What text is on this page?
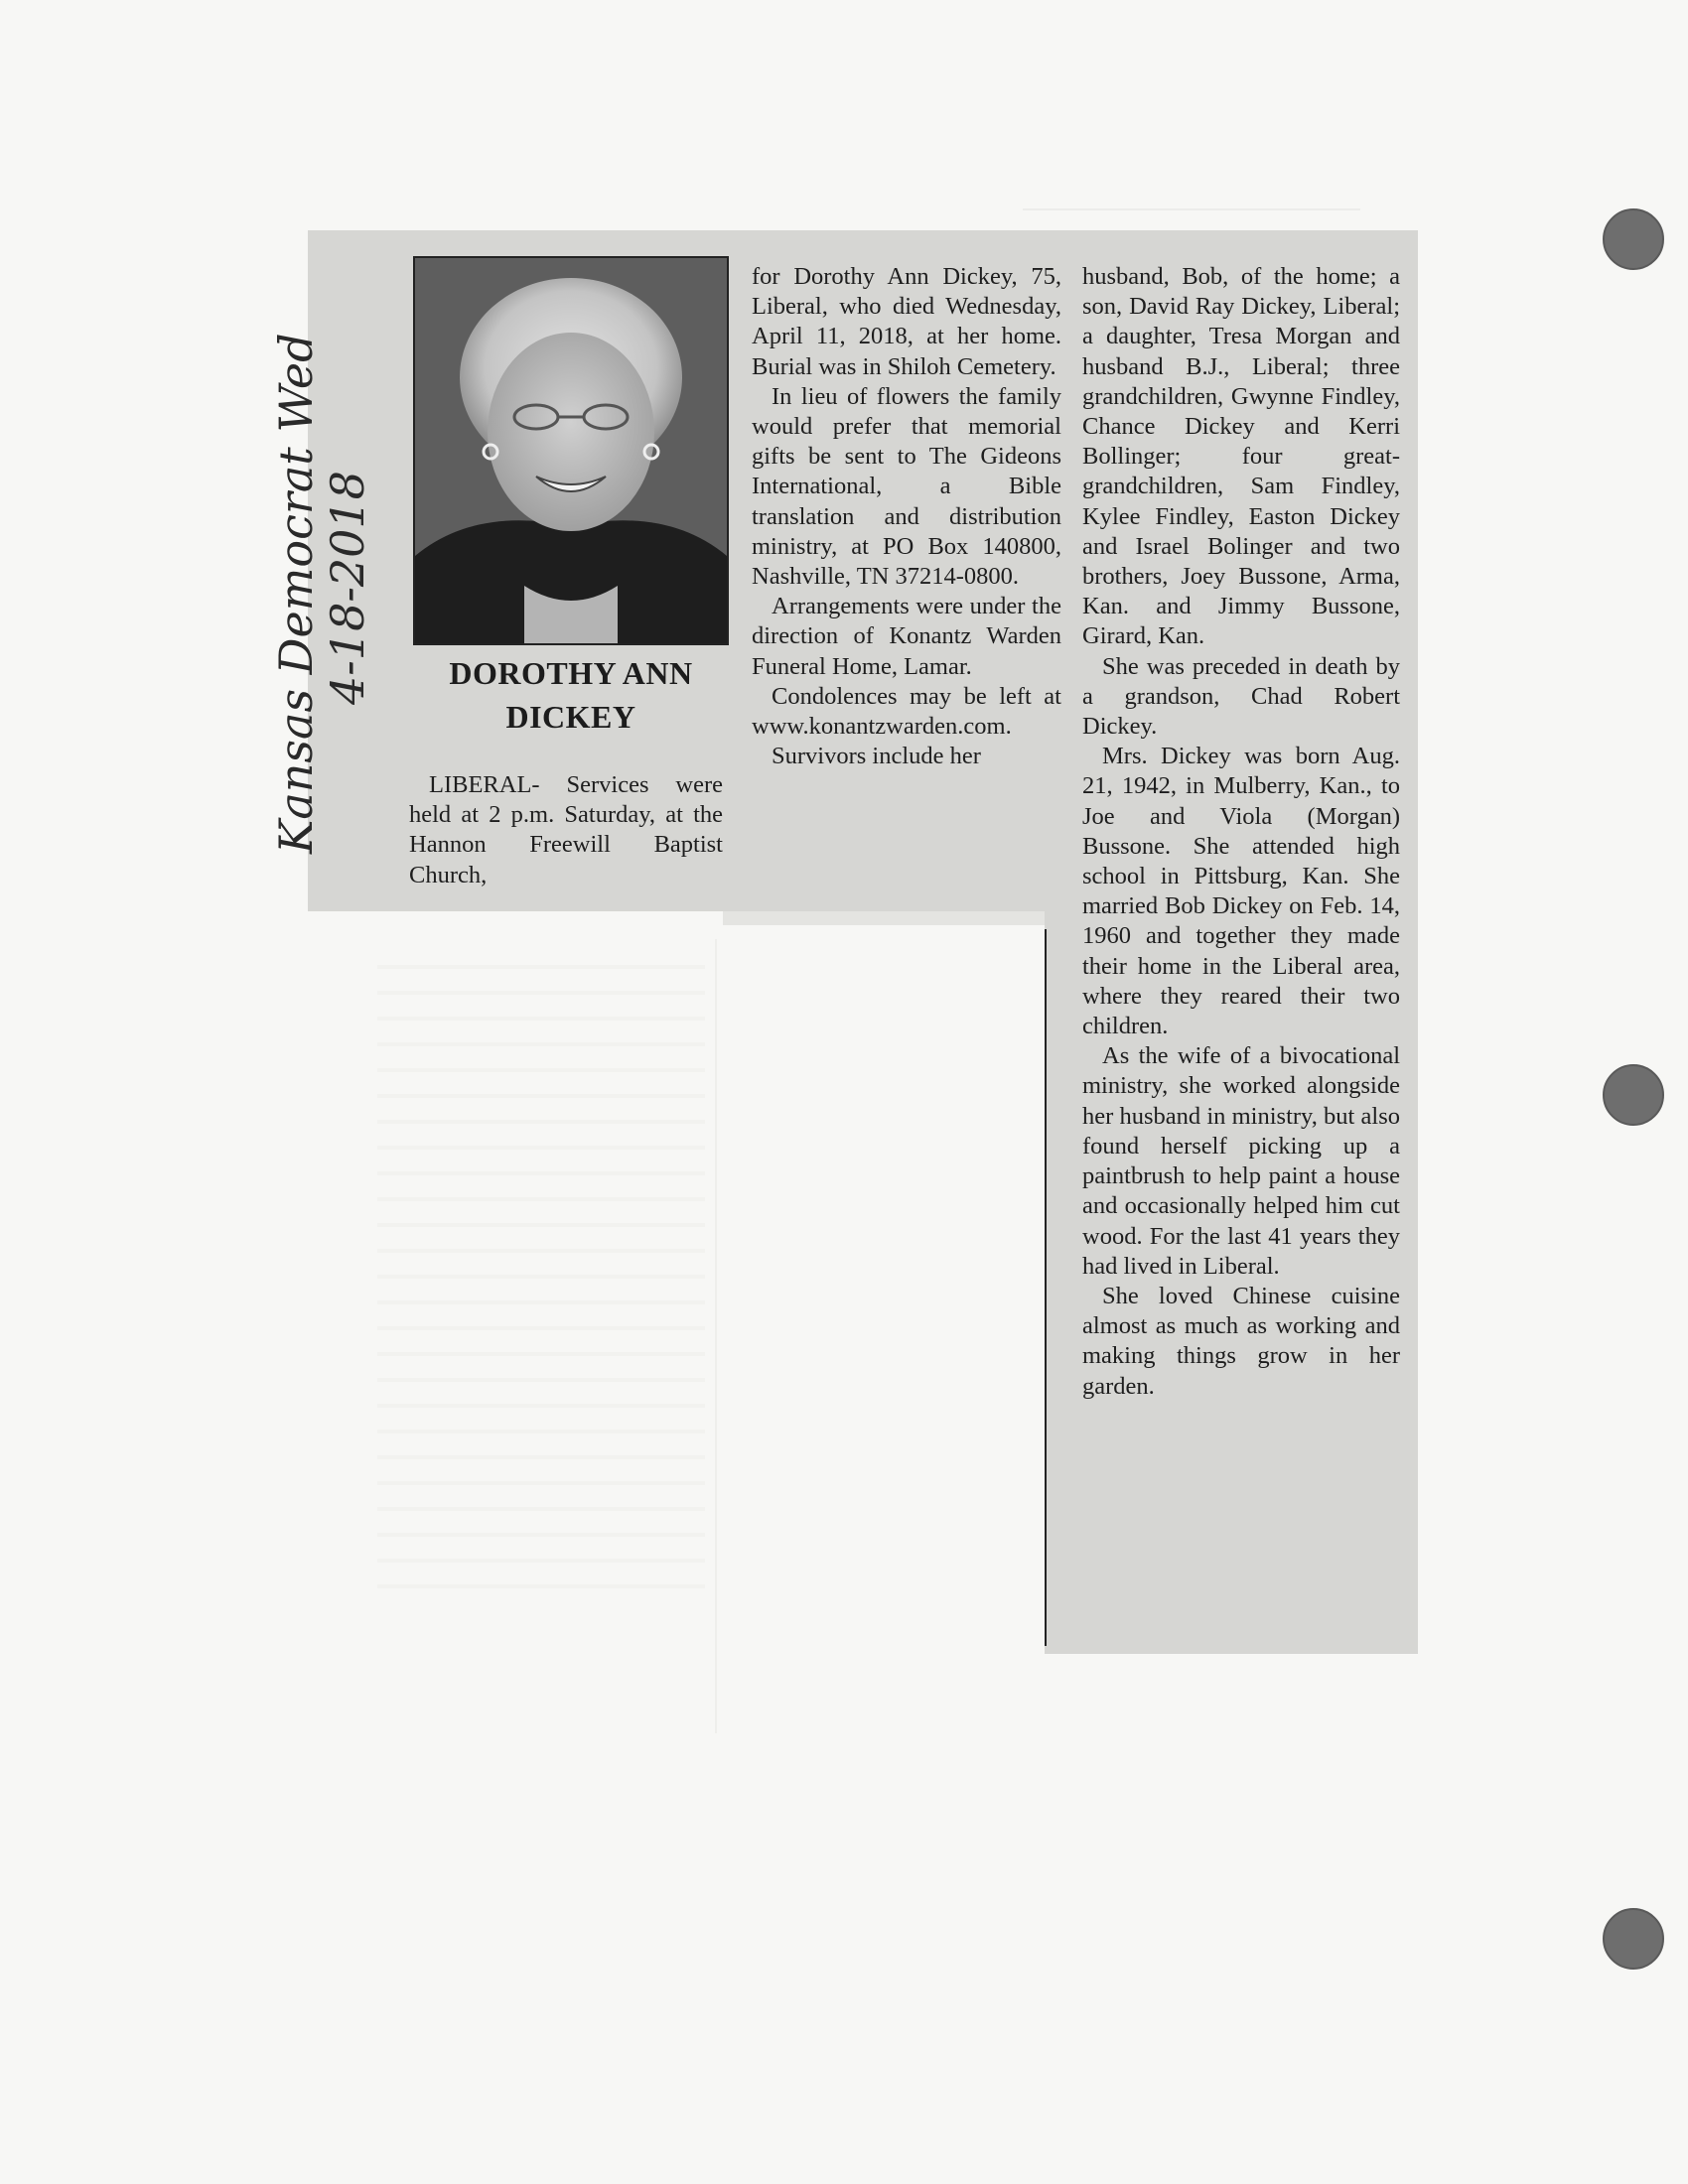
DOROTHY ANN
DICKEY

LIBERAL- Services were held at 2 p.m. Saturday, at the Hannon Freewill Baptist Church,

for Dorothy Ann Dickey, 75, Liberal, who died Wednesday, April 11, 2018, at her home. Burial was in Shiloh Cemetery.

In lieu of flowers the family would prefer that memorial gifts be sent to The Gideons International, a Bible translation and distribution ministry, at PO Box 140800, Nashville, TN 37214-0800.

Arrangements were under the direction of Konantz Warden Funeral Home, Lamar.

Condolences may be left at www.konantzwarden.com.

Survivors include her

husband, Bob, of the home; a son, David Ray Dickey, Liberal; a daughter, Tresa Morgan and husband B.J., Liberal; three grandchildren, Gwynne Findley, Chance Dickey and Kerri Bollinger; four great-grandchildren, Sam Findley, Kylee Findley, Easton Dickey and Israel Bolinger and two brothers, Joey Bussone, Arma, Kan. and Jimmy Bussone, Girard, Kan.

She was preceded in death by a grandson, Chad Robert Dickey.

Mrs. Dickey was born Aug. 21, 1942, in Mulberry, Kan., to Joe and Viola (Morgan) Bussone. She attended high school in Pittsburg, Kan. She married Bob Dickey on Feb. 14, 1960 and together they made their home in the Liberal area, where they reared their two children.

As the wife of a bivocational ministry, she worked alongside her husband in ministry, but also found herself picking up a paintbrush to help paint a house and occasionally helped him cut wood. For the last 41 years they had lived in Liberal.

She loved Chinese cuisine almost as much as working and making things grow in her garden.

Kansas Democrat Wed
4-18-2018
